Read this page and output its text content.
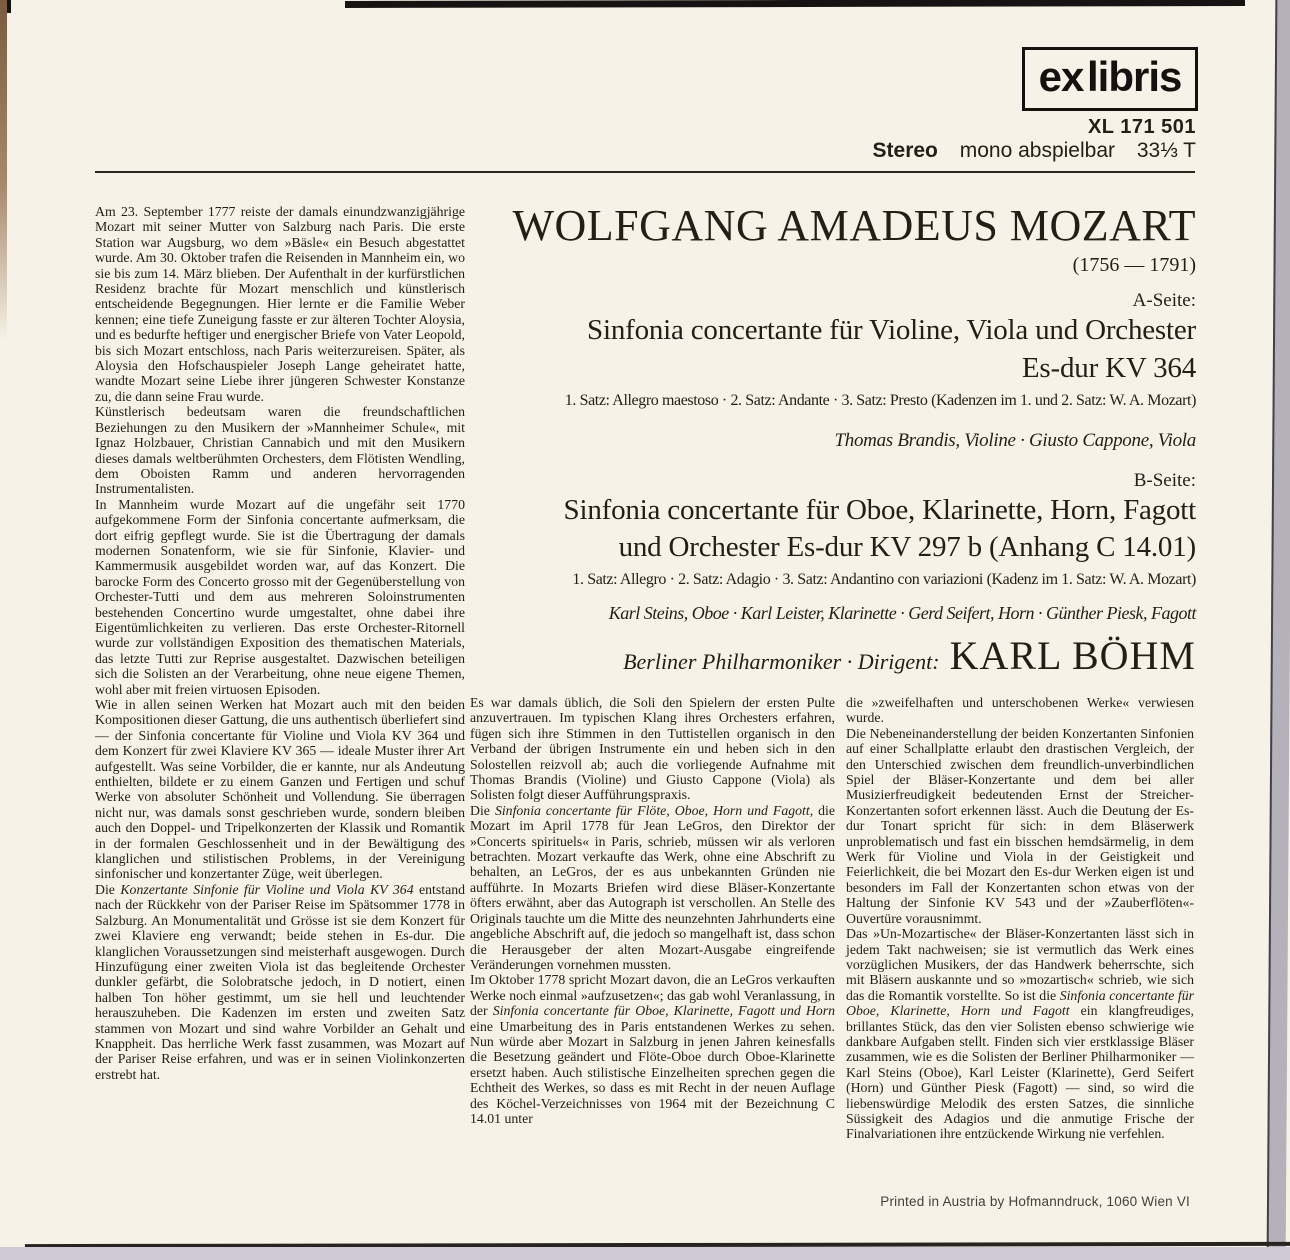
ex libris
XL 171 501
Stereo mono abspielbar 33⅓ T
WOLFGANG AMADEUS MOZART
(1756 — 1791)
A-Seite:
Sinfonia concertante für Violine, Viola und Orchester
Es-dur KV 364
1. Satz: Allegro maestoso · 2. Satz: Andante · 3. Satz: Presto (Kadenzen im 1. und 2. Satz: W. A. Mozart)
Thomas Brandis, Violine · Giusto Cappone, Viola
B-Seite:
Sinfonia concertante für Oboe, Klarinette, Horn, Fagott
und Orchester Es-dur KV 297 b (Anhang C 14.01)
1. Satz: Allegro · 2. Satz: Adagio · 3. Satz: Andantino con variazioni (Kadenz im 1. Satz: W. A. Mozart)
Karl Steins, Oboe · Karl Leister, Klarinette · Gerd Seifert, Horn · Günther Piesk, Fagott
Berliner Philharmoniker · Dirigent: KARL BÖHM

Am 23. September 1777 reiste der damals einundzwanzigjährige Mozart mit seiner Mutter von Salzburg nach Paris. Die erste Station war Augsburg, wo dem »Bäsle« ein Besuch abgestattet wurde. Am 30. Oktober trafen die Reisenden in Mannheim ein, wo sie bis zum 14. März blieben. Der Aufenthalt in der kurfürstlichen Residenz brachte für Mozart menschlich und künstlerisch entscheidende Begegnungen. Hier lernte er die Familie Weber kennen; eine tiefe Zuneigung fasste er zur älteren Tochter Aloysia, und es bedurfte heftiger und energischer Briefe von Vater Leopold, bis sich Mozart entschloss, nach Paris weiterzureisen. Später, als Aloysia den Hofschauspieler Joseph Lange geheiratet hatte, wandte Mozart seine Liebe ihrer jüngeren Schwester Konstanze zu, die dann seine Frau wurde.

Künstlerisch bedeutsam waren die freundschaftlichen Beziehungen zu den Musikern der »Mannheimer Schule«, mit Ignaz Holzbauer, Christian Cannabich und mit den Musikern dieses damals weltberühmten Orchesters, dem Flötisten Wendling, dem Oboisten Ramm und anderen hervorragenden Instrumentalisten.

In Mannheim wurde Mozart auf die ungefähr seit 1770 aufgekommene Form der Sinfonia concertante aufmerksam, die dort eifrig gepflegt wurde. Sie ist die Übertragung der damals modernen Sonatenform, wie sie für Sinfonie, Klavier- und Kammermusik ausgebildet worden war, auf das Konzert. Die barocke Form des Concerto grosso mit der Gegenüberstellung von Orchester-Tutti und dem aus mehreren Soloinstrumenten bestehenden Concertino wurde umgestaltet, ohne dabei ihre Eigentümlichkeiten zu verlieren. Das erste Orchester-Ritornell wurde zur vollständigen Exposition des thematischen Materials, das letzte Tutti zur Reprise ausgestaltet. Dazwischen beteiligen sich die Solisten an der Verarbeitung, ohne neue eigene Themen, wohl aber mit freien virtuosen Episoden.

Wie in allen seinen Werken hat Mozart auch mit den beiden Kompositionen dieser Gattung, die uns authentisch überliefert sind — der Sinfonia concertante für Violine und Viola KV 364 und dem Konzert für zwei Klaviere KV 365 — ideale Muster ihrer Art aufgestellt. Was seine Vorbilder, die er kannte, nur als Andeutung enthielten, bildete er zu einem Ganzen und Fertigen und schuf Werke von absoluter Schönheit und Vollendung. Sie überragen nicht nur, was damals sonst geschrieben wurde, sondern bleiben auch den Doppel- und Tripelkonzerten der Klassik und Romantik in der formalen Geschlossenheit und in der Bewältigung des klanglichen und stilistischen Problems, in der Vereinigung sinfonischer und konzertanter Züge, weit überlegen.

Die Konzertante Sinfonie für Violine und Viola KV 364 entstand nach der Rückkehr von der Pariser Reise im Spätsommer 1778 in Salzburg. An Monumentalität und Grösse ist sie dem Konzert für zwei Klaviere eng verwandt; beide stehen in Es-dur. Die klanglichen Voraussetzungen sind meisterhaft ausgewogen. Durch Hinzufügung einer zweiten Viola ist das begleitende Orchester dunkler gefärbt, die Solobratsche jedoch, in D notiert, einen halben Ton höher gestimmt, um sie hell und leuchtender herauszuheben. Die Kadenzen im ersten und zweiten Satz stammen von Mozart und sind wahre Vorbilder an Gehalt und Knappheit. Das herrliche Werk fasst zusammen, was Mozart auf der Pariser Reise erfahren, und was er in seinen Violinkonzerten erstrebt hat.

Es war damals üblich, die Soli den Spielern der ersten Pulte anzuvertrauen. Im typischen Klang ihres Orchesters erfahren, fügen sich ihre Stimmen in den Tuttistellen organisch in den Verband der übrigen Instrumente ein und heben sich in den Solostellen reizvoll ab; auch die vorliegende Aufnahme mit Thomas Brandis (Violine) und Giusto Cappone (Viola) als Solisten folgt dieser Aufführungspraxis.

Die Sinfonia concertante für Flöte, Oboe, Horn und Fagott, die Mozart im April 1778 für Jean LeGros, den Direktor der »Concerts spirituels« in Paris, schrieb, müssen wir als verloren betrachten. Mozart verkaufte das Werk, ohne eine Abschrift zu behalten, an LeGros, der es aus unbekannten Gründen nie aufführte. In Mozarts Briefen wird diese Bläser-Konzertante öfters erwähnt, aber das Autograph ist verschollen. An Stelle des Originals tauchte um die Mitte des neunzehnten Jahrhunderts eine angebliche Abschrift auf, die jedoch so mangelhaft ist, dass schon die Herausgeber der alten Mozart-Ausgabe eingreifende Veränderungen vornehmen mussten.

Im Oktober 1778 spricht Mozart davon, die an LeGros verkauften Werke noch einmal »aufzusetzen«; das gab wohl Veranlassung, in der Sinfonia concertante für Oboe, Klarinette, Fagott und Horn eine Umarbeitung des in Paris entstandenen Werkes zu sehen. Nun würde aber Mozart in Salzburg in jenen Jahren keinesfalls die Besetzung geändert und Flöte-Oboe durch Oboe-Klarinette ersetzt haben. Auch stilistische Einzelheiten sprechen gegen die Echtheit des Werkes, so dass es mit Recht in der neuen Auflage des Köchel-Verzeichnisses von 1964 mit der Bezeichnung C 14.01 unter

die »zweifelhaften und unterschobenen Werke« verwiesen wurde.

Die Nebeneinanderstellung der beiden Konzertanten Sinfonien auf einer Schallplatte erlaubt den drastischen Vergleich, der den Unterschied zwischen dem freundlich-unverbindlichen Spiel der Bläser-Konzertante und dem bei aller Musizierfreudigkeit bedeutenden Ernst der Streicher-Konzertanten sofort erkennen lässt. Auch die Deutung der Es-dur Tonart spricht für sich: in dem Bläserwerk unproblematisch und fast ein bisschen hemdsärmelig, in dem Werk für Violine und Viola in der Geistigkeit und Feierlichkeit, die bei Mozart den Es-dur Werken eigen ist und besonders im Fall der Konzertanten schon etwas von der Haltung der Sinfonie KV 543 und der »Zauberflöten«-Ouvertüre vorausnimmt.

Das »Un-Mozartische« der Bläser-Konzertanten lässt sich in jedem Takt nachweisen; sie ist vermutlich das Werk eines vorzüglichen Musikers, der das Handwerk beherrschte, sich mit Bläsern auskannte und so »mozartisch« schrieb, wie sich das die Romantik vorstellte. So ist die Sinfonia concertante für Oboe, Klarinette, Horn und Fagott ein klangfreudiges, brillantes Stück, das den vier Solisten ebenso schwierige wie dankbare Aufgaben stellt. Finden sich vier erstklassige Bläser zusammen, wie es die Solisten der Berliner Philharmoniker — Karl Steins (Oboe), Karl Leister (Klarinette), Gerd Seifert (Horn) und Günther Piesk (Fagott) — sind, so wird die liebenswürdige Melodik des ersten Satzes, die sinnliche Süssigkeit des Adagios und die anmutige Frische der Finalvariationen ihre entzückende Wirkung nie verfehlen.

Printed in Austria by Hofmanndruck, 1060 Wien VI
